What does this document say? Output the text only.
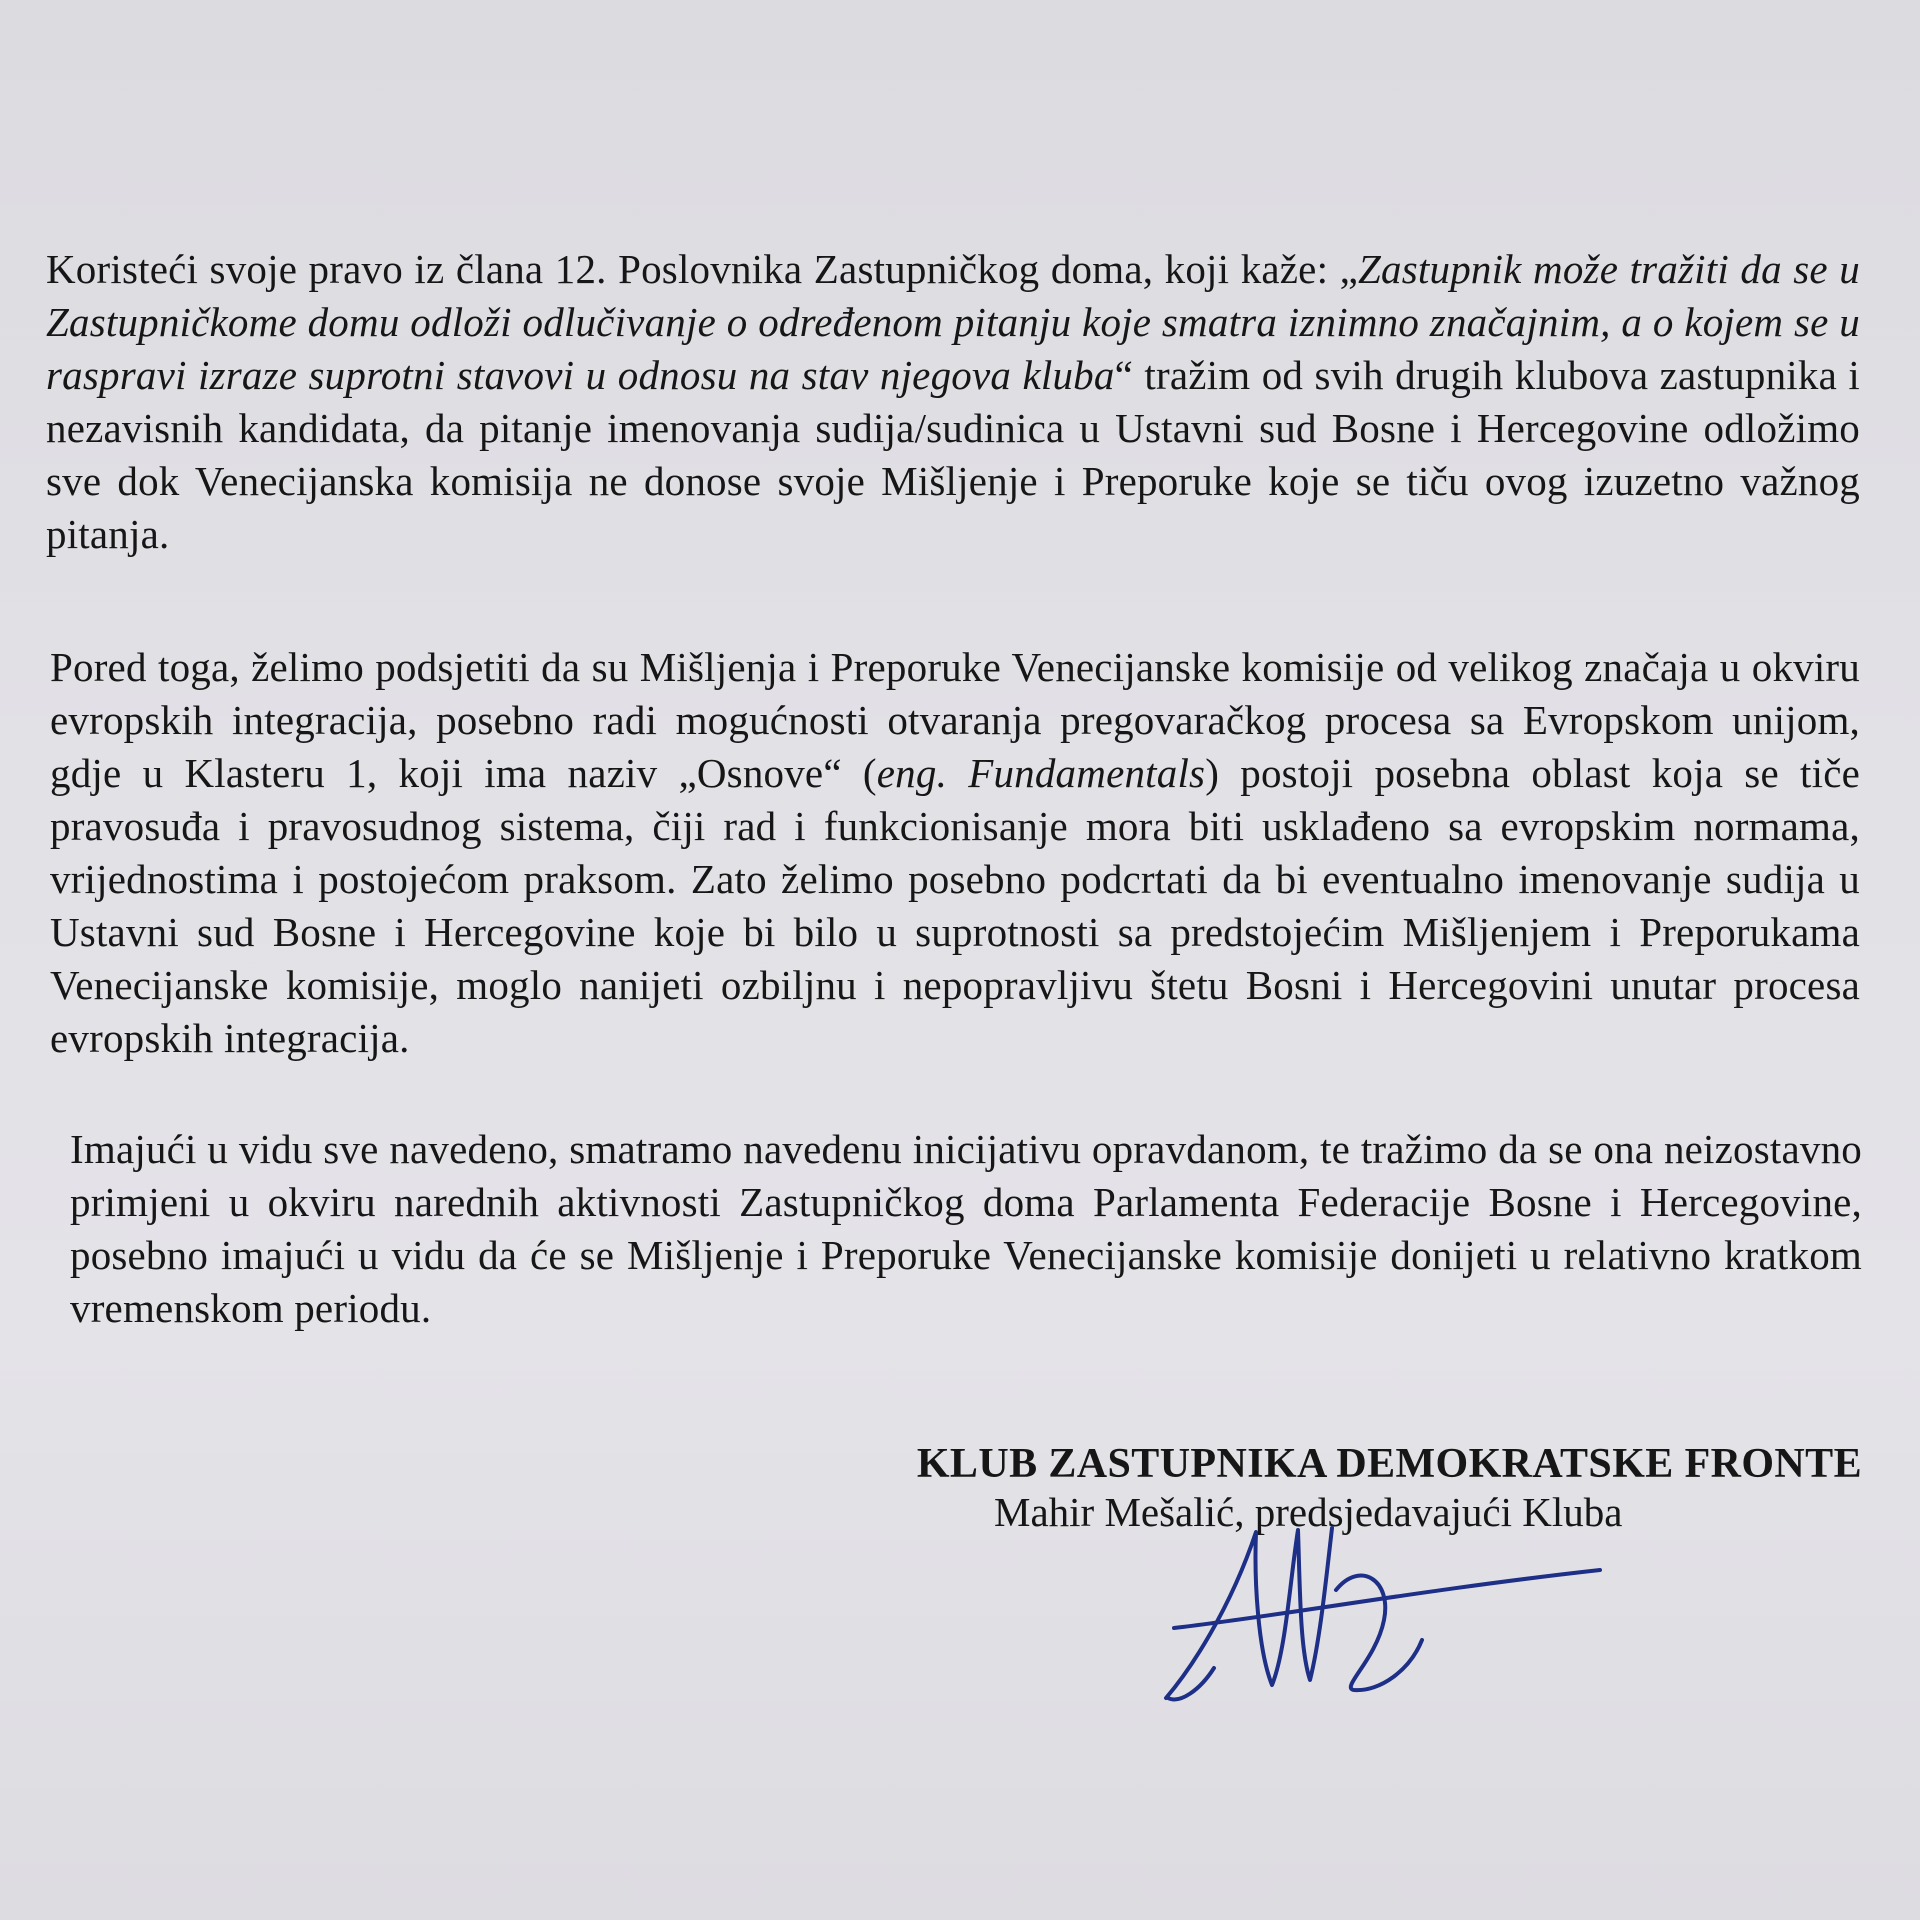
Koristeći svoje pravo iz člana 12. Poslovnika Zastupničkog doma, koji kaže: „Zastupnik može tražiti da se u Zastupničkome domu odloži odlučivanje o određenom pitanju koje smatra iznimno značajnim, a o kojem se u raspravi izraze suprotni stavovi u odnosu na stav njegova kluba“ tražim od svih drugih klubova zastupnika i nezavisnih kandidata, da pitanje imenovanja sudija/sudinica u Ustavni sud Bosne i Hercegovine odložimo sve dok Venecijanska komisija ne donose svoje Mišljenje i Preporuke koje se tiču ovog izuzetno važnog pitanja.

Pored toga, želimo podsjetiti da su Mišljenja i Preporuke Venecijanske komisije od velikog značaja u okviru evropskih integracija, posebno radi mogućnosti otvaranja pregovaračkog procesa sa Evropskom unijom, gdje u Klasteru 1, koji ima naziv „Osnove“ (eng. Fundamentals) postoji posebna oblast koja se tiče pravosuđa i pravosudnog sistema, čiji rad i funkcionisanje mora biti usklađeno sa evropskim normama, vrijednostima i postojećom praksom. Zato želimo posebno podcrtati da bi eventualno imenovanje sudija u Ustavni sud Bosne i Hercegovine koje bi bilo u suprotnosti sa predstojećim Mišljenjem i Preporukama Venecijanske komisije, moglo nanijeti ozbiljnu i nepopravljivu štetu Bosni i Hercegovini unutar procesa evropskih integracija.

Imajući u vidu sve navedeno, smatramo navedenu inicijativu opravdanom, te tražimo da se ona neizostavno primjeni u okviru narednih aktivnosti Zastupničkog doma Parlamenta Federacije Bosne i Hercegovine, posebno imajući u vidu da će se Mišljenje i Preporuke Venecijanske komisije donijeti u relativno kratkom vremenskom periodu.

KLUB ZASTUPNIKA DEMOKRATSKE FRONTE
Mahir Mešalić, predsjedavajući Kluba
